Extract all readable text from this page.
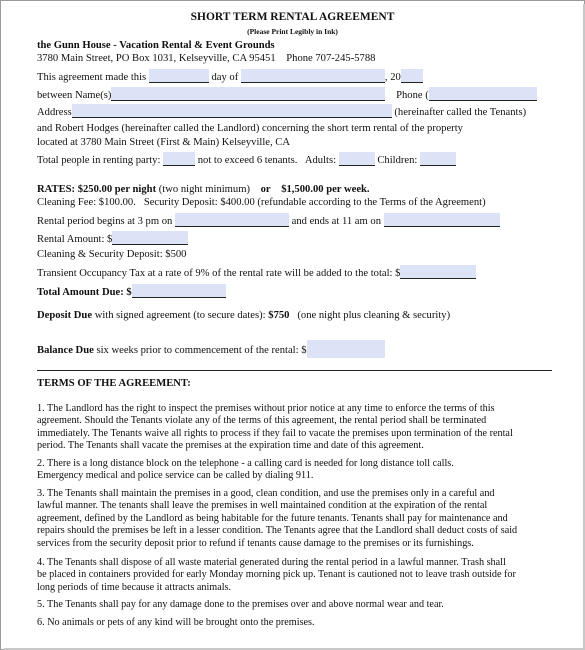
SHORT TERM RENTAL AGREEMENT
(Please Print Legibly in Ink)
the Gunn House - Vacation Rental & Event Grounds
3780 Main Street, PO Box 1031, Kelseyville, CA 95451 Phone 707-245-5788
This agreement made this	day of	, 20
between Name(s)	Phone (
Address	(hereinafter called the Tenants)
and Robert Hodges (hereinafter called the Landlord) concerning the short term rental of the property
located at 3780 Main Street (First & Main) Kelseyville, CA
Total people in renting party:	not to exceed 6 tenants. Adults:	Children:
RATES: $250.00 per night (two night minimum) or $1,500.00 per week.
Cleaning Fee: $100.00. Security Deposit: $400.00 (refundable according to the Terms of the Agreement)
Rental period begins at 3 pm on	and ends at 11 am on
Rental Amount: $
Cleaning & Security Deposit: $500
Transient Occupancy Tax at a rate of 9% of the rental rate will be added to the total: $
Total Amount Due: $
Deposit Due with signed agreement (to secure dates): $750 (one night plus cleaning & security)
Balance Due six weeks prior to commencement of the rental: $
TERMS OF THE AGREEMENT:
1. The Landlord has the right to inspect the premises without prior notice at any time to enforce the terms of this
agreement. Should the Tenants violate any of the terms of this agreement, the rental period shall be terminated
immediately. The Tenants waive all rights to process if they fail to vacate the premises upon termination of the rental
period. The Tenants shall vacate the premises at the expiration time and date of this agreement.
2. There is a long distance block on the telephone - a calling card is needed for long distance toll calls.
Emergency medical and police service can be called by dialing 911.
3. The Tenants shall maintain the premises in a good, clean condition, and use the premises only in a careful and
lawful manner. The tenants shall leave the premises in well maintained condition at the expiration of the rental
agreement, defined by the Landlord as being habitable for the future tenants. Tenants shall pay for maintenance and
repairs should the premises be left in a lesser condition. The Tenants agree that the Landlord shall deduct costs of said
services from the security deposit prior to refund if tenants cause damage to the premises or its furnishings.
4. The Tenants shall dispose of all waste material generated during the rental period in a lawful manner. Trash shall
be placed in containers provided for early Monday morning pick up. Tenant is cautioned not to leave trash outside for
long periods of time because it attracts animals.
5. The Tenants shall pay for any damage done to the premises over and above normal wear and tear.
6. No animals or pets of any kind will be brought onto the premises.
